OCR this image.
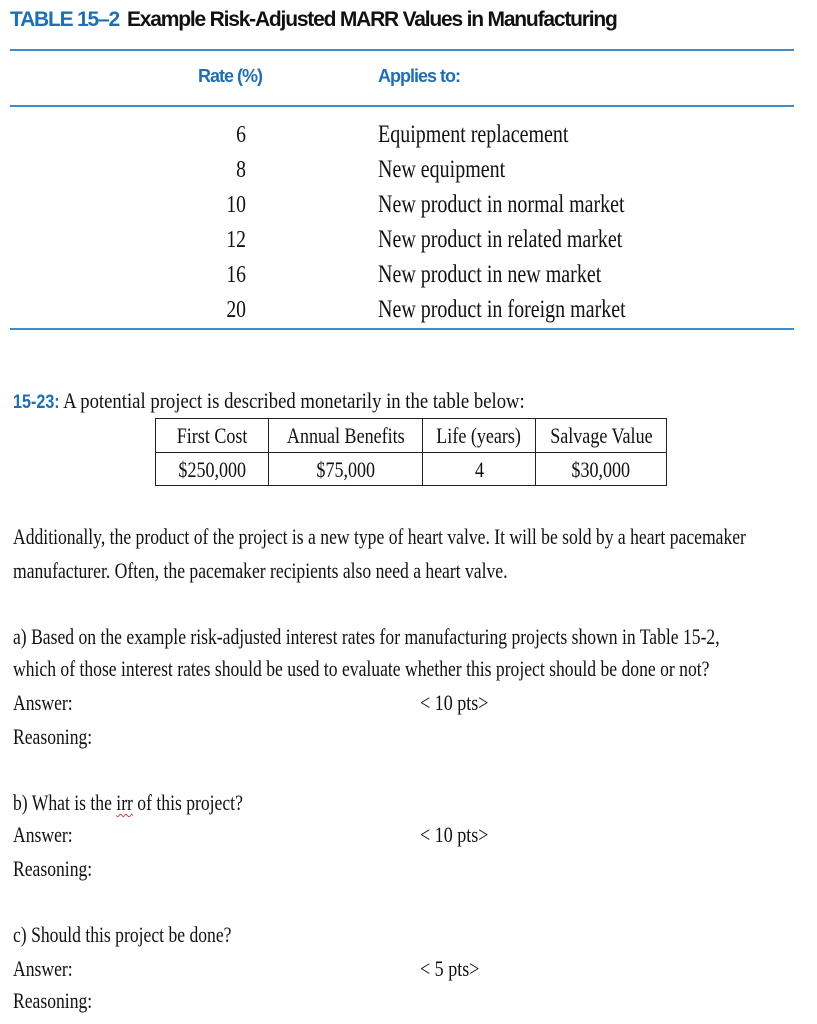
TABLE 15–2 Example Risk-Adjusted MARR Values in Manufacturing
Rate (%)	Applies to:
6	Equipment replacement
8	New equipment
10	New product in normal market
12	New product in related market
16	New product in new market
20	New product in foreign market
15-23: A potential project is described monetarily in the table below:
First Cost	Annual Benefits	Life (years)	Salvage Value
$250,000	$75,000	4	$30,000
Additionally, the product of the project is a new type of heart valve. It will be sold by a heart pacemaker
manufacturer. Often, the pacemaker recipients also need a heart valve.
a) Based on the example risk-adjusted interest rates for manufacturing projects shown in Table 15-2,
which of those interest rates should be used to evaluate whether this project should be done or not?
Answer:	< 10 pts>
Reasoning:
b) What is the irr of this project?
Answer:	< 10 pts>
Reasoning:
c) Should this project be done?
Answer:	< 5 pts>
Reasoning:
